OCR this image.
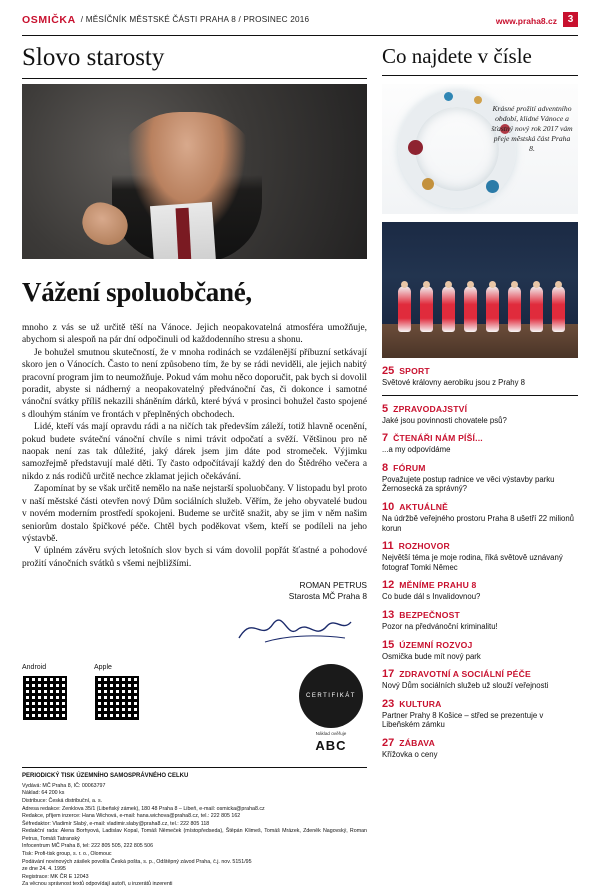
OSMIČKA / MĚSÍČNÍK MĚSTSKÉ ČÁSTI PRAHA 8 / PROSINEC 2016	www.praha8.cz	3
Slovo starosty	Co najdete v čísle
Vážení spoluobčané,

mnoho z vás se už určitě těší na Vánoce. Jejich neopakovatelná atmosféra umožňuje, abychom si alespoň na pár dní odpočinuli od každodenního stresu a shonu.

Je bohužel smutnou skutečností, že v mnoha rodinách se vzdálenější příbuzní setkávají skoro jen o Vánocích. Často to není způsobeno tím, že by se rádi neviděli, ale jejich nabitý pracovní program jim to neumožňuje. Pokud vám mohu něco doporučit, pak bych si dovolil poradit, abyste si nádherný a neopakovatelný předvánoční čas, či dokonce i samotné vánoční svátky příliš nekazili sháněním dárků, které bývá v prosinci bohužel často spojené s dlouhým stáním ve frontách v přeplněných obchodech.

Lidé, kteří vás mají opravdu rádi a na ničích tak především záleží, totiž hlavně ocenění, pokud budete sváteční vánoční chvíle s nimi trávit odpočatí a svěží. Většinou pro ně naopak není zas tak důležité, jaký dárek jsem jim dáte pod stromeček. Výjimku samozřejmě představují malé děti. Ty často odpočítávají každý den do Štědrého večera a nikdo z nás rodičů určitě nechce zklamat jejich očekávání.

Zapomínat by se však určitě nemělo na naše nejstarší spoluobčany. V listopadu byl proto v naší městské části otevřen nový Dům sociálních služeb. Věřím, že jeho obyvatelé budou v novém moderním prostředí spokojeni. Budeme se určitě snažit, aby se jim v něm našim seniorům dostalo špičkové péče. Chtěl bych poděkovat všem, kteří se podíleli na jeho výstavbě.

V úplném závěru svých letošních slov bych si vám dovolil popřát šťastné a pohodové prožití vánočních svátků s všemi nejbližšími.

ROMAN PETRUS
Starosta MČ Praha 8
Android	Apple
CERTIFIKÁT
Náklad ověřuje
ABC
PERIODICKÝ TISK ÚZEMNÍHO SAMOSPRÁVNÉHO CELKU
Vydává: MČ Praha 8, IČ: 00063797
Náklad: 64 200 ks
Distribuce: Česká distribuční, a. s.
Adresa redakce: Zenklova 35/1 (Libeňský zámek), 180 48 Praha 8 – Libeň, e-mail: osmicka@praha8.cz
Redakce, příjem inzerce: Hana Wichová, e-mail: hana.wichova@praha8.cz, tel.: 222 805 162
Šéfredaktor: Vladimír Slabý, e-mail: vladimir.slaby@praha8.cz, tel.: 222 805 118
Redakční rada: Alena Borhyová, Ladislav Kopal, Tomáš Němeček (místopředseda), Štěpán Klimeš, Tomáš Mrázek, Zdeněk Nagovský, Roman Petrus, Tomáš Tatranský
Infocentrum MČ Praha 8, tel: 222 805 505, 222 805 506
Tisk: Profi-tisk group, s. r. o., Olomouc
Podávání novinových zásilek povolila Česká pošta, s. p., Odštěpný závod Praha, č.j. nov. 5151/95
ze dne 24. 4. 1995
Registrace: MK ČR E 12043
Za věcnou správnost textů odpovídají autoři, u inzerátů inzerenti
Krásné prožití adventního období, klidné Vánoce a šťastný nový rok 2017 vám přeje městská část Praha 8.
25 SPORT
Světové královny aerobiku jsou z Prahy 8
5 ZPRAVODAJSTVÍ
Jaké jsou povinnosti chovatele psů?
7 ČTENÁŘI NÁM PÍŠÍ...
...a my odpovídáme
8 FÓRUM
Považujete postup radnice ve věci výstavby parku Žernosecká za správný?
10 AKTUÁLNĚ
Na údržbě veřejného prostoru Praha 8 ušetří 22 milionů korun
11 ROZHOVOR
Největší téma je moje rodina, říká světově uznávaný fotograf Tomki Němec
12 MĚNÍME PRAHU 8
Co bude dál s Invalidovnou?
13 BEZPEČNOST
Pozor na předvánoční kriminalitu!
15 ÚZEMNÍ ROZVOJ
Osmička bude mít nový park
17 ZDRAVOTNÍ A SOCIÁLNÍ PÉČE
Nový Dům sociálních služeb už slouží veřejnosti
23 KULTURA
Partner Prahy 8 Košice – střed se prezentuje v Libeňském zámku
27 ZÁBAVA
Křížovka o ceny
